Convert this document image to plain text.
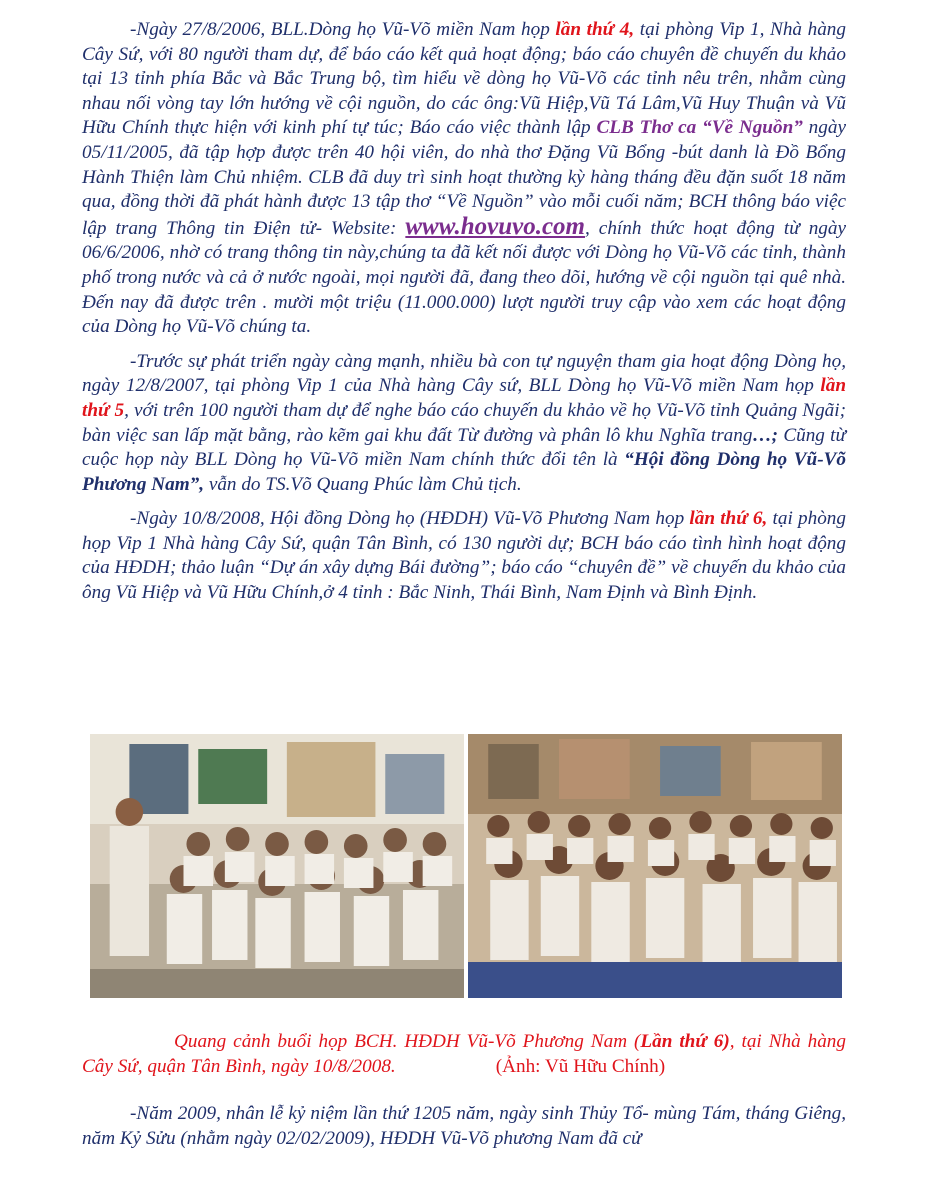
-Ngày 27/8/2006, BLL.Dòng họ Vũ-Võ miền Nam họp lần thứ 4, tại phòng Vip 1, Nhà hàng Cây Sứ, với 80 người tham dự, để báo cáo kết quả hoạt động; báo cáo chuyên đề chuyến du khảo tại 13 tỉnh phía Bắc và Bắc Trung bộ, tìm hiểu về dòng họ Vũ-Võ các tỉnh nêu trên, nhằm cùng nhau nối vòng tay lớn hướng về cội nguồn, do các ông:Vũ Hiệp,Vũ Tá Lâm,Vũ Huy Thuận và Vũ Hữu Chính thực hiện với kinh phí tự túc; Báo cáo việc thành lập CLB Thơ ca “Về Nguồn” ngày 05/11/2005, đã tập hợp được trên 40 hội viên, do nhà thơ Đặng Vũ Bổng -bút danh là Đồ Bổng Hành Thiện làm Chủ nhiệm. CLB đã duy trì sinh hoạt thường kỳ hàng tháng đều đặn suốt 18 năm qua, đồng thời đã phát hành được 13 tập thơ “Về Nguồn” vào mỗi cuối năm; BCH thông báo việc lập trang Thông tin Điện tử- Website: www.hovuvo.com, chính thức hoạt động từ ngày 06/6/2006, nhờ có trang thông tin này,chúng ta đã kết nối được với Dòng họ Vũ-Võ các tỉnh, thành phố trong nước và cả ở nước ngoài, mọi người đã, đang theo dõi, hướng về cội nguồn tại quê nhà. Đến nay đã được trên . mười một triệu (11.000.000) lượt người truy cập vào xem các hoạt động của Dòng họ Vũ-Võ chúng ta.

-Trước sự phát triển ngày càng mạnh, nhiều bà con tự nguyện tham gia hoạt động Dòng họ, ngày 12/8/2007, tại phòng Vip 1 của Nhà hàng Cây sứ, BLL Dòng họ Vũ-Võ miền Nam họp lần thứ 5, với trên 100 người tham dự để nghe báo cáo chuyến du khảo về họ Vũ-Võ tỉnh Quảng Ngãi; bàn việc san lấp mặt bằng, rào kẽm gai khu đất Từ đường và phân lô khu Nghĩa trang…; Cũng từ cuộc họp này BLL Dòng họ Vũ-Võ miền Nam chính thức đổi tên là “Hội đồng Dòng họ Vũ-Võ Phương Nam”, vẫn do TS.Võ Quang Phúc làm Chủ tịch.

-Ngày 10/8/2008, Hội đồng Dòng họ (HĐDH) Vũ-Võ Phương Nam họp lần thứ 6, tại phòng họp Vip 1 Nhà hàng Cây Sứ, quận Tân Bình, có 130 người dự; BCH báo cáo tình hình hoạt động của HĐDH; thảo luận “Dự án xây dựng Bái đường”; báo cáo “chuyên đề” về chuyến du khảo của ông Vũ Hiệp và Vũ Hữu Chính,ở 4 tỉnh : Bắc Ninh, Thái Bình, Nam Định và Bình Định.

Quang cảnh buổi họp BCH. HĐDH Vũ-Võ Phương Nam (Lần thứ 6), tại Nhà hàng Cây Sứ, quận Tân Bình, ngày 10/8/2008.	(Ảnh: Vũ Hữu Chính)

-Năm 2009, nhân lễ kỷ niệm lần thứ 1205 năm, ngày sinh Thủy Tổ- mùng Tám, tháng Giêng, năm Kỷ Sửu (nhằm ngày 02/02/2009), HĐDH Vũ-Võ phương Nam đã cử
